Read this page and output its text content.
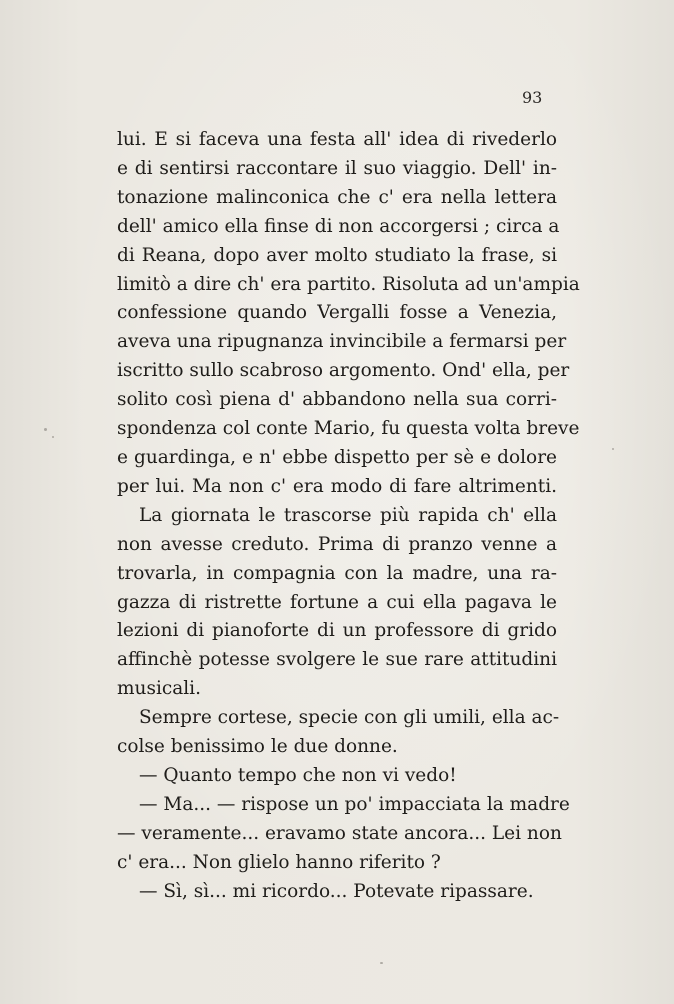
93
lui. E si faceva una festa all' idea di rivederlo
e di sentirsi raccontare il suo viaggio. Dell' in-
tonazione malinconica che c' era nella lettera
dell' amico ella finse di non accorgersi ; circa a
di Reana, dopo aver molto studiato la frase, si
limitò a dire ch' era partito. Risoluta ad un'ampia
confessione quando Vergalli fosse a Venezia,
aveva una ripugnanza invincibile a fermarsi per
iscritto sullo scabroso argomento. Ond' ella, per
solito così piena d' abbandono nella sua corri-
spondenza col conte Mario, fu questa volta breve
e guardinga, e n' ebbe dispetto per sè e dolore
per lui. Ma non c' era modo di fare altrimenti.
La giornata le trascorse più rapida ch' ella
non avesse creduto. Prima di pranzo venne a
trovarla, in compagnia con la madre, una ra-
gazza di ristrette fortune a cui ella pagava le
lezioni di pianoforte di un professore di grido
affinchè potesse svolgere le sue rare attitudini
musicali.
Sempre cortese, specie con gli umili, ella ac-
colse benissimo le due donne.
— Quanto tempo che non vi vedo!
— Ma... — rispose un po' impacciata la madre
— veramente... eravamo state ancora... Lei non
c' era... Non glielo hanno riferito ?
— Sì, sì... mi ricordo... Potevate ripassare.
